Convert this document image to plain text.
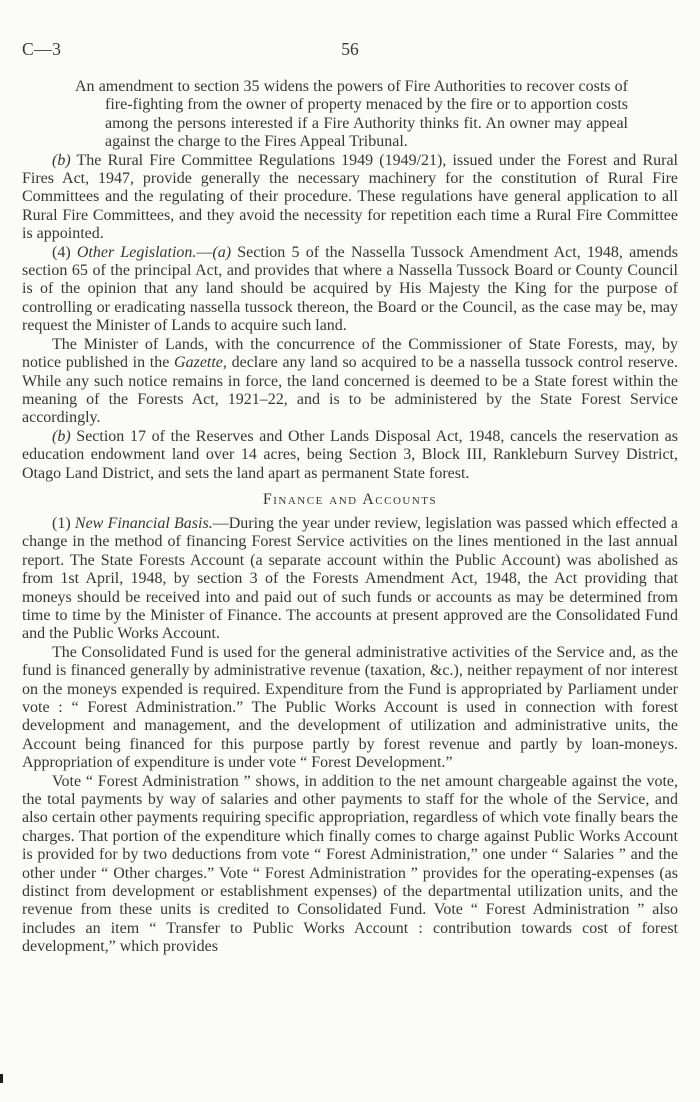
C—3	56

An amendment to section 35 widens the powers of Fire Authorities to recover costs of fire-fighting from the owner of property menaced by the fire or to apportion costs among the persons interested if a Fire Authority thinks fit. An owner may appeal against the charge to the Fires Appeal Tribunal.

(b) The Rural Fire Committee Regulations 1949 (1949/21), issued under the Forest and Rural Fires Act, 1947, provide generally the necessary machinery for the constitution of Rural Fire Committees and the regulating of their procedure. These regulations have general application to all Rural Fire Committees, and they avoid the necessity for repetition each time a Rural Fire Committee is appointed.

(4) Other Legislation.—(a) Section 5 of the Nassella Tussock Amendment Act, 1948, amends section 65 of the principal Act, and provides that where a Nassella Tussock Board or County Council is of the opinion that any land should be acquired by His Majesty the King for the purpose of controlling or eradicating nassella tussock thereon, the Board or the Council, as the case may be, may request the Minister of Lands to acquire such land.

The Minister of Lands, with the concurrence of the Commissioner of State Forests, may, by notice published in the Gazette, declare any land so acquired to be a nassella tussock control reserve. While any such notice remains in force, the land concerned is deemed to be a State forest within the meaning of the Forests Act, 1921–22, and is to be administered by the State Forest Service accordingly.

(b) Section 17 of the Reserves and Other Lands Disposal Act, 1948, cancels the reservation as education endowment land over 14 acres, being Section 3, Block III, Rankleburn Survey District, Otago Land District, and sets the land apart as permanent State forest.

Finance and Accounts

(1) New Financial Basis.—During the year under review, legislation was passed which effected a change in the method of financing Forest Service activities on the lines mentioned in the last annual report. The State Forests Account (a separate account within the Public Account) was abolished as from 1st April, 1948, by section 3 of the Forests Amendment Act, 1948, the Act providing that moneys should be received into and paid out of such funds or accounts as may be determined from time to time by the Minister of Finance. The accounts at present approved are the Consolidated Fund and the Public Works Account.

The Consolidated Fund is used for the general administrative activities of the Service and, as the fund is financed generally by administrative revenue (taxation, &c.), neither repayment of nor interest on the moneys expended is required. Expenditure from the Fund is appropriated by Parliament under vote : “ Forest Administration.” The Public Works Account is used in connection with forest development and management, and the development of utilization and administrative units, the Account being financed for this purpose partly by forest revenue and partly by loan-moneys. Appropriation of expenditure is under vote “ Forest Development.”

Vote “ Forest Administration ” shows, in addition to the net amount chargeable against the vote, the total payments by way of salaries and other payments to staff for the whole of the Service, and also certain other payments requiring specific appropriation, regardless of which vote finally bears the charges. That portion of the expenditure which finally comes to charge against Public Works Account is provided for by two deductions from vote “ Forest Administration,” one under “ Salaries ” and the other under “ Other charges.” Vote “ Forest Administration ” provides for the operating-expenses (as distinct from development or establishment expenses) of the departmental utilization units, and the revenue from these units is credited to Consolidated Fund. Vote “ Forest Administration ” also includes an item “ Transfer to Public Works Account : contribution towards cost of forest development,” which provides
